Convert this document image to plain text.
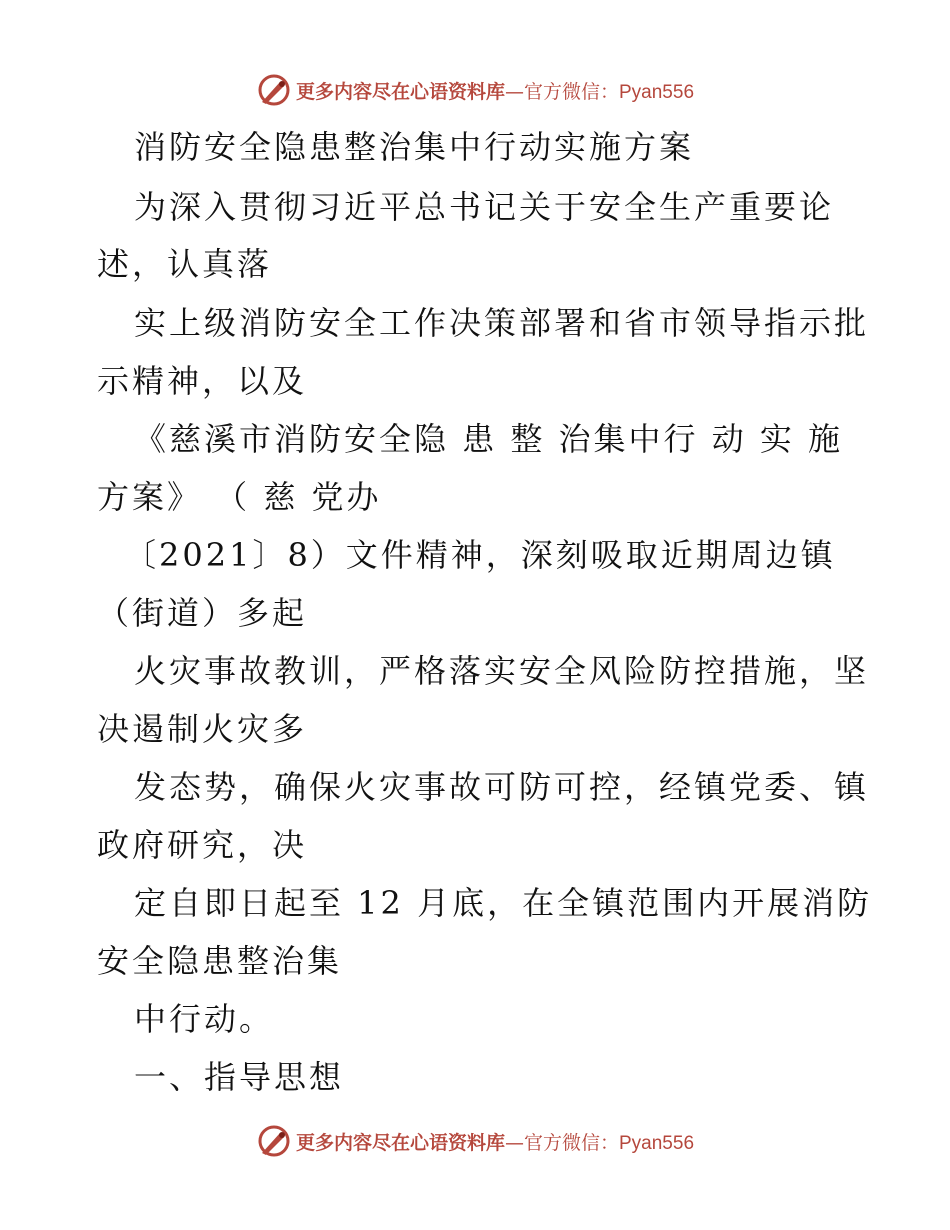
更多内容尽在心语资料库—官方微信：Pyan556
消防安全隐患整治集中行动实施方案
为深入贯彻习近平总书记关于安全生产重要论
述，认真落
实上级消防安全工作决策部署和省市领导指示批
示精神，以及
《慈溪市消防安全隐 患 整 治集中行 动 实 施
方案》 （ 慈 党办
〔2021〕8）文件精神，深刻吸取近期周边镇
（街道）多起
火灾事故教训，严格落实安全风险防控措施，坚
决遏制火灾多
发态势，确保火灾事故可防可控，经镇党委、镇
政府研究，决
定自即日起至 12 月底，在全镇范围内开展消防
安全隐患整治集
中行动。
一、指导思想
更多内容尽在心语资料库—官方微信：Pyan556
